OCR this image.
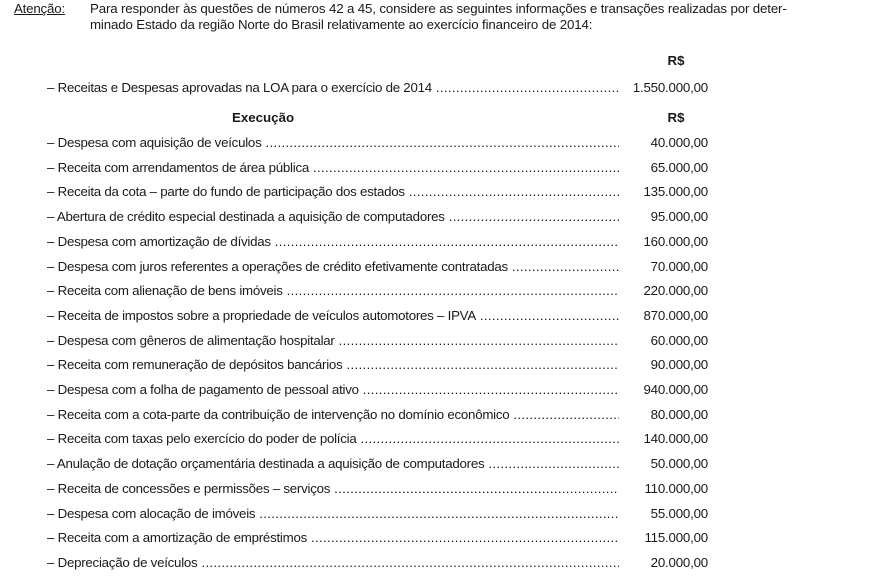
Atenção: Para responder às questões de números 42 a 45, considere as seguintes informações e transações realizadas por deter-
minado Estado da região Norte do Brasil relativamente ao exercício financeiro de 2014:
R$
– Receitas e Despesas aprovadas na LOA para o exercício de 2014 .....	1.550.000,00
Execução	R$
– Despesa com aquisição de veículos .....	40.000,00
– Receita com arrendamentos de área pública .....	65.000,00
– Receita da cota – parte do fundo de participação dos estados .....	135.000,00
– Abertura de crédito especial destinada a aquisição de computadores .....	95.000,00
– Despesa com amortização de dívidas .....	160.000,00
– Despesa com juros referentes a operações de crédito efetivamente contratadas .....	70.000,00
– Receita com alienação de bens imóveis .....	220.000,00
– Receita de impostos sobre a propriedade de veículos automotores – IPVA .....	870.000,00
– Despesa com gêneros de alimentação hospitalar .....	60.000,00
– Receita com remuneração de depósitos bancários .....	90.000,00
– Despesa com a folha de pagamento de pessoal ativo .....	940.000,00
– Receita com a cota-parte da contribuição de intervenção no domínio econômico .....	80.000,00
– Receita com taxas pelo exercício do poder de polícia .....	140.000,00
– Anulação de dotação orçamentária destinada a aquisição de computadores .....	50.000,00
– Receita de concessões e permissões – serviços .....	110.000,00
– Despesa com alocação de imóveis .....	55.000,00
– Receita com a amortização de empréstimos .....	115.000,00
– Depreciação de veículos .....	20.000,00
